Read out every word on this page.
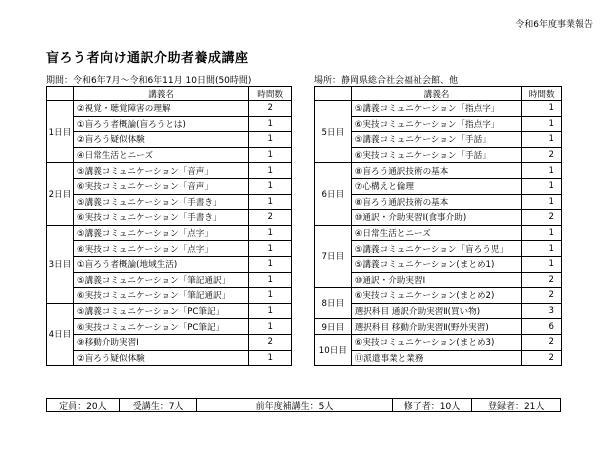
令和6年度事業報告
盲ろう者向け通訳介助者養成講座
期間：令和6年7月～令和6年11月 10日間(50時間)	場所：静岡県総合社会福祉会館、他
	講義名	時間数
1日目	②視覚・聴覚障害の理解	2
	①盲ろう者概論(盲ろうとは)	1
	②盲ろう疑似体験	1
	④日常生活とニーズ	1
2日目	⑤講義コミュニケーション「音声」	1
	⑥実技コミュニケーション「音声」	1
	⑤講義コミュニケーション「手書き」	1
	⑥実技コミュニケーション「手書き」	2
3日目	⑤講義コミュニケーション「点字」	1
	⑥実技コミュニケーション「点字」	1
	①盲ろう者概論(地域生活)	1
	⑤講義コミュニケーション「筆記通訳」	1
	⑥実技コミュニケーション「筆記通訳」	1
4日目	⑤講義コミュニケーション「PC筆記」	1
	⑥実技コミュニケーション「PC筆記」	1
	⑨移動介助実習Ⅰ	2
	②盲ろう疑似体験	1
	講義名	時間数
5日目	⑤講義コミュニケーション「指点字」	1
	⑥実技コミュニケーション「指点字」	1
	⑤講義コミュニケーション「手話」	1
	⑥実技コミュニケーション「手話」	2
6日目	⑧盲ろう通訳技術の基本	1
	⑦心構えと倫理	1
	⑧盲ろう通訳技術の基本	1
	⑩通訳・介助実習Ⅰ(食事介助)	2
7日目	④日常生活とニーズ	1
	⑤講義コミュニケーション「盲ろう児」	1
	⑤講義コミュニケーション(まとめ1)	1
	⑩通訳・介助実習Ⅰ	2
8日目	⑥実技コミュニケーション(まとめ2)	2
	選択科目 通訳介助実習Ⅱ(買い物)	3
9日目	選択科目 移動介助実習Ⅱ(野外実習)	6
10日目	⑥実技コミュニケーション(まとめ3)	2
	⑪派遣事業と業務	2
定員：20人	受講生：7人	前年度補講生：5人	修了者：10人	登録者：21人
